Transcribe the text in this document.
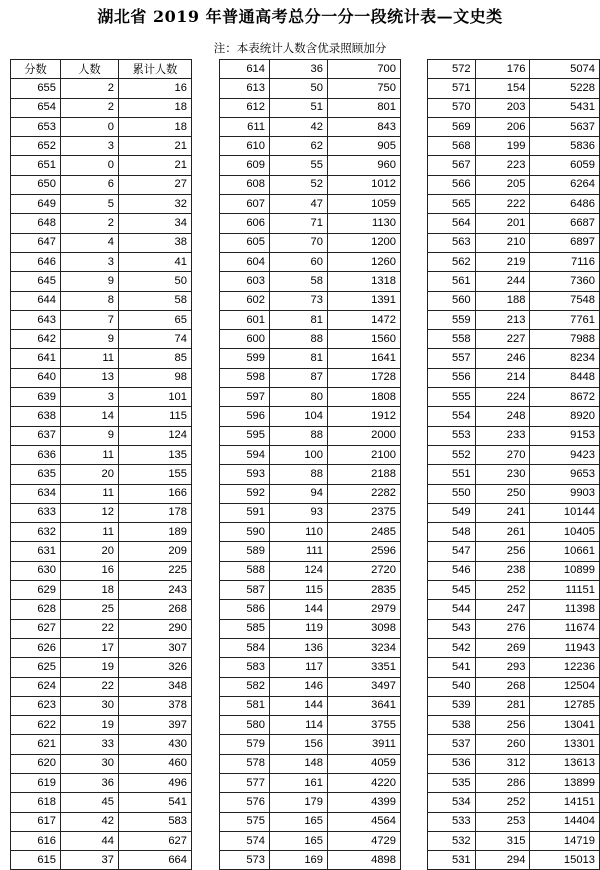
湖北省 2019 年普通高考总分一分一段统计表—文史类
注：本表统计人数含优录照顾加分
分数	人数	累计人数
655	2	16
654	2	18
653	0	18
652	3	21
651	0	21
650	6	27
649	5	32
648	2	34
647	4	38
646	3	41
645	9	50
644	8	58
643	7	65
642	9	74
641	11	85
640	13	98
639	3	101
638	14	115
637	9	124
636	11	135
635	20	155
634	11	166
633	12	178
632	11	189
631	20	209
630	16	225
629	18	243
628	25	268
627	22	290
626	17	307
625	19	326
624	22	348
623	30	378
622	19	397
621	33	430
620	30	460
619	36	496
618	45	541
617	42	583
616	44	627
615	37	664
614	36	700
613	50	750
612	51	801
611	42	843
610	62	905
609	55	960
608	52	1012
607	47	1059
606	71	1130
605	70	1200
604	60	1260
603	58	1318
602	73	1391
601	81	1472
600	88	1560
599	81	1641
598	87	1728
597	80	1808
596	104	1912
595	88	2000
594	100	2100
593	88	2188
592	94	2282
591	93	2375
590	110	2485
589	111	2596
588	124	2720
587	115	2835
586	144	2979
585	119	3098
584	136	3234
583	117	3351
582	146	3497
581	144	3641
580	114	3755
579	156	3911
578	148	4059
577	161	4220
576	179	4399
575	165	4564
574	165	4729
573	169	4898
572	176	5074
571	154	5228
570	203	5431
569	206	5637
568	199	5836
567	223	6059
566	205	6264
565	222	6486
564	201	6687
563	210	6897
562	219	7116
561	244	7360
560	188	7548
559	213	7761
558	227	7988
557	246	8234
556	214	8448
555	224	8672
554	248	8920
553	233	9153
552	270	9423
551	230	9653
550	250	9903
549	241	10144
548	261	10405
547	256	10661
546	238	10899
545	252	11151
544	247	11398
543	276	11674
542	269	11943
541	293	12236
540	268	12504
539	281	12785
538	256	13041
537	260	13301
536	312	13613
535	286	13899
534	252	14151
533	253	14404
532	315	14719
531	294	15013
